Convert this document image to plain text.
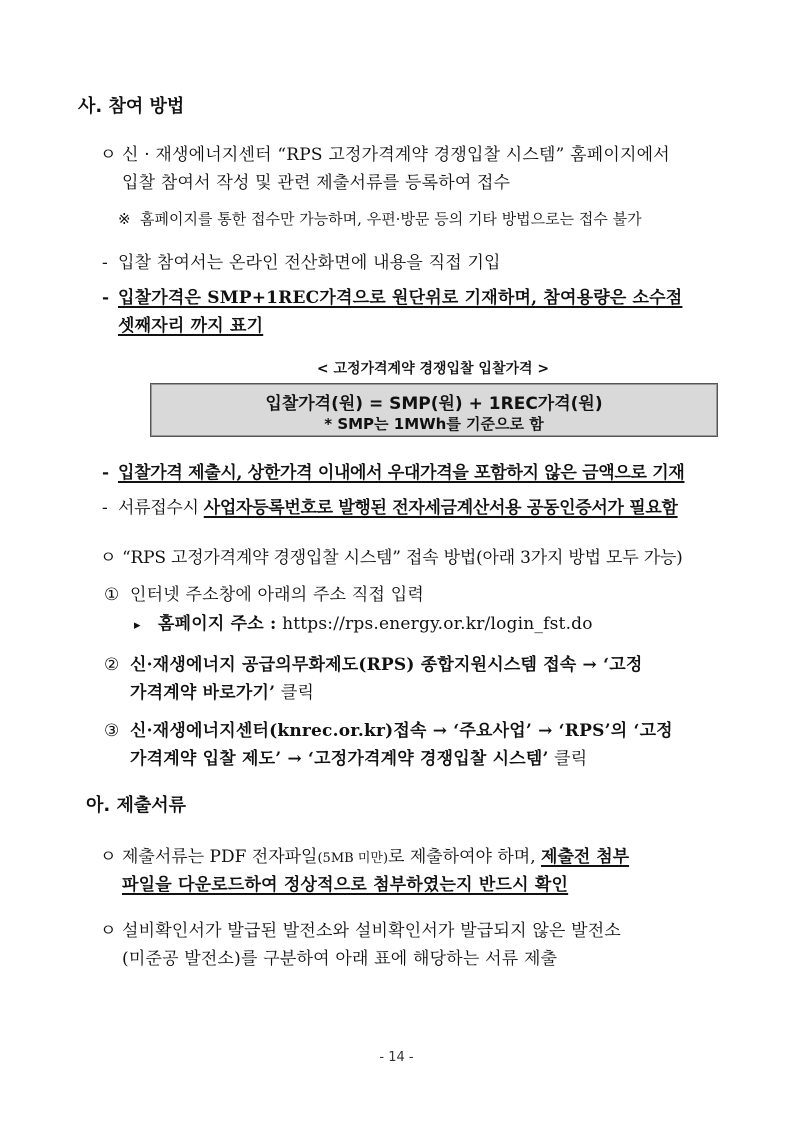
사. 참여 방법
ㅇ 신 · 재생에너지센터 “RPS 고정가격계약 경쟁입찰 시스템” 홈페이지에서
입찰 참여서 작성 및 관련 제출서류를 등록하여 접수
※ 홈페이지를 통한 접수만 가능하며, 우편·방문 등의 기타 방법으로는 접수 불가
- 입찰 참여서는 온라인 전산화면에 내용을 직접 기입
- 입찰가격은 SMP+1REC가격으로 원단위로 기재하며, 참여용량은 소수점
셋째자리 까지 표기
< 고정가격계약 경쟁입찰 입찰가격 >
입찰가격(원) = SMP(원) + 1REC가격(원)
* SMP는 1MWh를 기준으로 함
- 입찰가격 제출시, 상한가격 이내에서 우대가격을 포함하지 않은 금액으로 기재
- 서류접수시 사업자등록번호로 발행된 전자세금계산서용 공동인증서가 필요함
ㅇ “RPS 고정가격계약 경쟁입찰 시스템” 접속 방법(아래 3가지 방법 모두 가능)
① 인터넷 주소창에 아래의 주소 직접 입력
▸ 홈페이지 주소 : https://rps.energy.or.kr/login_fst.do
② 신·재생에너지 공급의무화제도(RPS) 종합지원시스템 접속 → ‘고정
가격계약 바로가기’ 클릭
③ 신·재생에너지센터(knrec.or.kr)접속 → ‘주요사업’ → ‘RPS’의 ‘고정
가격계약 입찰 제도’ → ‘고정가격계약 경쟁입찰 시스템’ 클릭
아. 제출서류
ㅇ 제출서류는 PDF 전자파일(5MB 미만)로 제출하여야 하며, 제출전 첨부
파일을 다운로드하여 정상적으로 첨부하였는지 반드시 확인
ㅇ 설비확인서가 발급된 발전소와 설비확인서가 발급되지 않은 발전소
(미준공 발전소)를 구분하여 아래 표에 해당하는 서류 제출
- 14 -
